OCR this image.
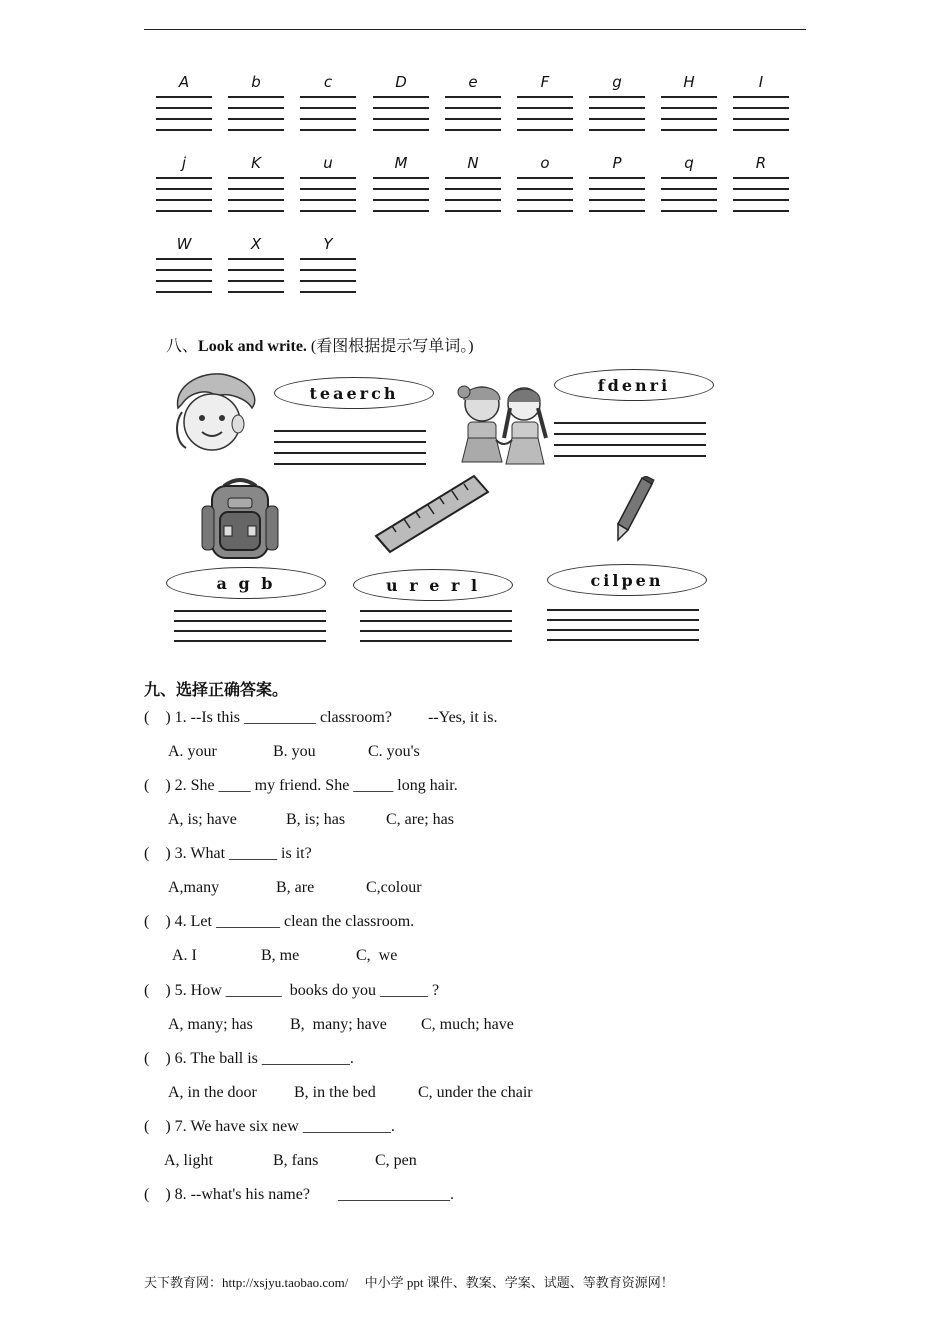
A	b	c	D	e	F	g	H	I
j	K	u	M	N	o	P	q	R
W	X	Y
八、Look and write. (看图根据提示写单词。)
teaerch	fdenri
a g b	u r e r l	cilpen
九、选择正确答案。
(    ) 1. --Is this _________ classroom?         --Yes, it is.
A. your	B. you	C. you's
(    ) 2. She ____ my friend. She _____ long hair.
A, is; have	B, is; has	C, are; has
(    ) 3. What ______ is it?
A,many	B, are	C,colour
(    ) 4. Let ________ clean the classroom.
A. I	B, me	C,  we
(    ) 5. How _______  books do you ______ ?
A, many; has B,  many; have C, much; have
(    ) 6. The ball is ___________.
A, in the door B, in the bed	C, under the chair
(    ) 7. We have six new ___________.
A, light	B, fans	C, pen
(    ) 8. --what's his name?       ______________.
天下教育网：http://xsjyu.taobao.com/     中小学 ppt 课件、教案、学案、试题、等教育资源网！
